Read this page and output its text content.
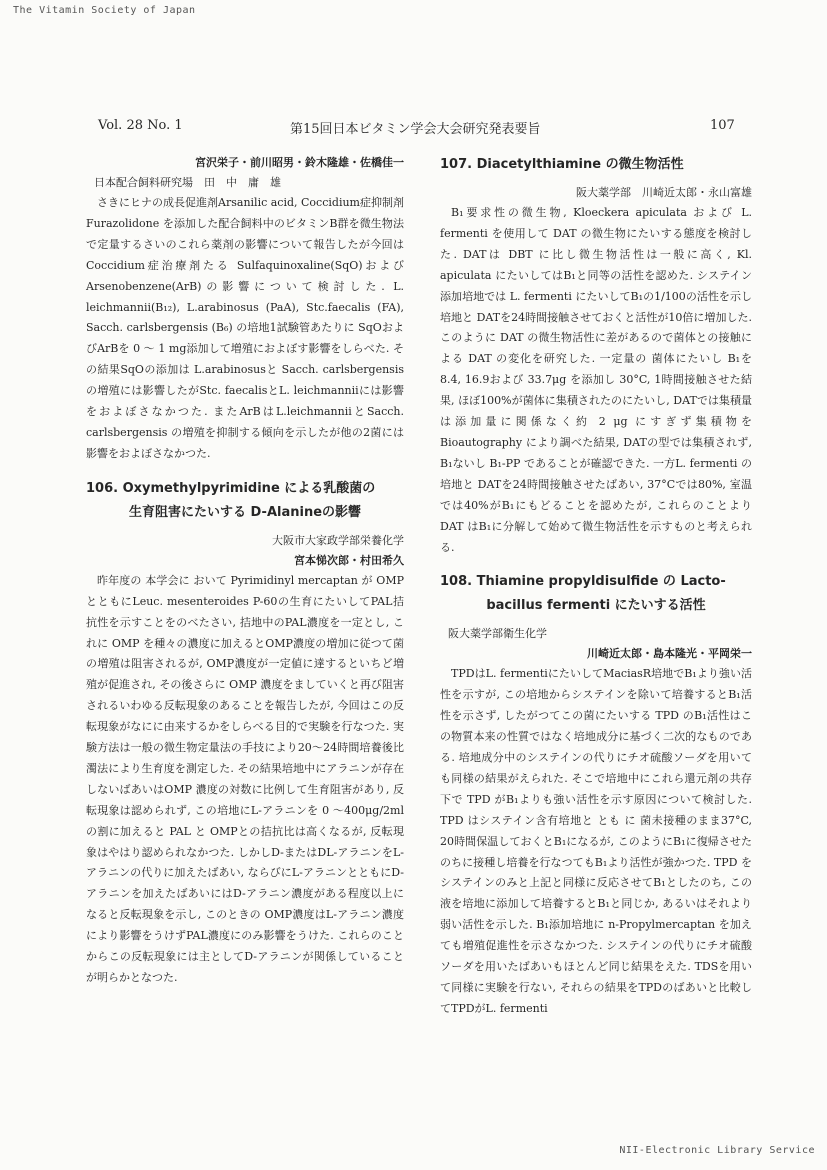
The Vitamin Society of Japan
Vol. 28 No. 1	第15回日本ビタミン学会大会研究発表要旨	107

宮沢栄子・前川昭男・鈴木隆雄・佐橋佳一

日本配合飼料研究場　田　中　庸　雄

さきにヒナの成長促進剤Arsanilic acid, Coccidium症抑制剤 Furazolidone を添加した配合飼料中のビタミンB群を微生物法で定量するさいのこれら薬剤の影響について報告したが今回は Coccidium症治療剤たる Sulfaquinoxaline(SqO)および Arsenobenzene(ArB)の影響について検討した. L. leichmannii(B₁₂), L.arabinosus (PaA), Stc.faecalis (FA), Sacch. carlsbergensis (B₆) の培地1試験管あたりに SqOおよびArBを 0 ～ 1 mg添加して増殖におよぼす影響をしらべた. その結果SqOの添加は L.arabinosusと Sacch. carlsbergensis の増殖には影響したがStc. faecalisとL. leichmanniiには影響をおよぼさなかつた. またArBはL.leichmanniiとSacch. carlsbergensis の増殖を抑制する傾向を示したが他の2菌には影響をおよぼさなかつた.

106. Oxymethylpyrimidine による乳酸菌の

生育阻害にたいする D-Alanineの影響

大阪市大家政学部栄養化学

宮本悌次郎・村田希久

昨年度の 本学会に おいて Pyrimidinyl mercaptan が OMPとともにLeuc. mesenteroides P-60の生育にたいしてPAL拮抗性を示すことをのべたさい, 拮地中のPAL濃度を一定とし, これに OMP を種々の濃度に加えるとOMP濃度の増加に従つて菌の増殖は阻害されるが, OMP濃度が一定値に達するといちど増殖が促進され, その後さらに OMP 濃度をましていくと再び阻害されるいわゆる反転現象のあることを報告したが, 今回はこの反転現象がなにに由来するかをしらべる目的で実験を行なつた. 実験方法は一般の微生物定量法の手技により20～24時間培養後比濁法により生育度を測定した. その結果培地中にアラニンが存在しないばあいはOMP 濃度の対数に比例して生育阻害があり, 反転現象は認められず, この培地にL-アラニンを 0 ～400μg/2mlの割に加えると PAL と OMPとの拮抗比は高くなるが, 反転現象はやはり認められなかつた. しかしD-またはDL-アラニンをL-アラニンの代りに加えたばあい, ならびにL-アラニンとともにD-アラニンを加えたばあいにはD-アラニン濃度がある程度以上になると反転現象を示し, このときの OMP濃度はL-アラニン濃度により影響をうけずPAL濃度にのみ影響をうけた. これらのことからこの反転現象には主としてD-アラニンが関係していることが明らかとなつた.

107. Diacetylthiamine の微生物活性

阪大薬学部　川崎近太郎・永山富雄

B₁要求性の微生物, Kloeckera apiculata および L. fermenti を使用して DAT の微生物にたいする態度を検討した. DATは DBT に比し微生物活性は一般に高く, Kl. apiculata にたいしてはB₁と同等の活性を認めた. システイン添加培地では L. fermenti にたいしてB₁の1/100の活性を示し培地と DATを24時間接触させておくと活性が10倍に増加した. このように DAT の微生物活性に差があるので菌体との接触による DAT の変化を研究した. 一定量の 菌体にたいし B₁を 8.4, 16.9および 33.7μg を添加し 30°C, 1時間接触させた結果, ほぼ100%が菌体に集積されたのにたいし, DATでは集積量は添加量に関係なく約 2 μg にすぎず集積物を Bioautography により調べた結果, DATの型では集積されず, B₁ないし B₁-PP であることが確認できた. 一方L. fermenti の培地と DATを24時間接触させたばあい, 37°Cでは80%, 室温では40%がB₁にもどることを認めたが, これらのことより DAT はB₁に分解して始めて微生物活性を示すものと考えられる.

108. Thiamine propyldisulfide の Lacto-

bacillus fermenti にたいする活性

阪大薬学部衛生化学

川崎近太郎・島本隆光・平岡栄一

TPDはL. fermentiにたいしてMaciasR培地でB₁より強い活性を示すが, この培地からシステインを除いて培養するとB₁活性を示さず, したがつてこの菌にたいする TPD のB₁活性はこの物質本来の性質ではなく培地成分に基づく二次的なものである. 培地成分中のシステインの代りにチオ硫酸ソーダを用いても同様の結果がえられた. そこで培地中にこれら還元剤の共存下で TPD がB₁よりも強い活性を示す原因について検討した. TPD はシステイン含有培地と とも に 菌未接種のまま37°C, 20時間保温しておくとB₁になるが, このようにB₁に復帰させたのちに接種し培養を行なつてもB₁より活性が強かつた. TPD をシステインのみと上記と同様に反応させてB₁としたのち, この液を培地に添加して培養するとB₁と同じか, あるいはそれより弱い活性を示した. B₁添加培地に n-Propylmercaptan を加えても増殖促進性を示さなかつた. システインの代りにチオ硫酸ソーダを用いたばあいもほとんど同じ結果をえた. TDSを用いて同様に実験を行ない, それらの結果をTPDのばあいと比較してTPDがL. fermenti

NII-Electronic Library Service
